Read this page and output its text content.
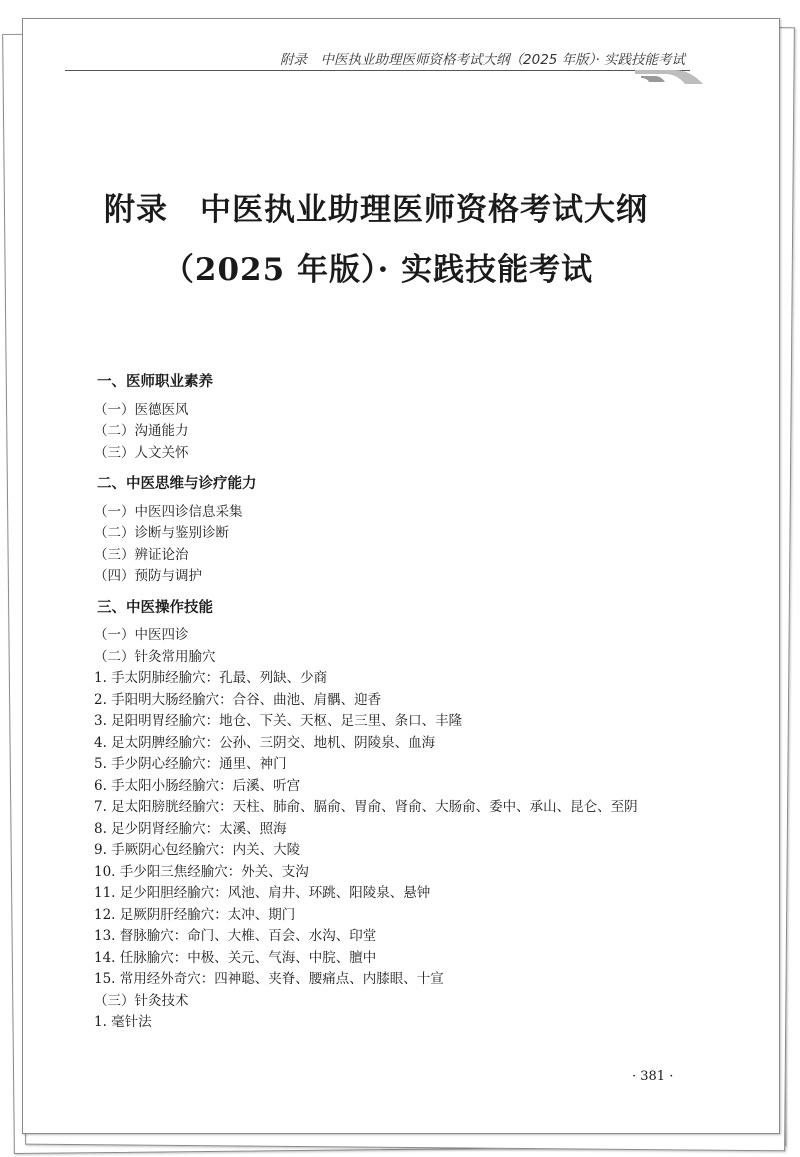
附录　中医执业助理医师资格考试大纲（2025 年版）· 实践技能考试
附录　中医执业助理医师资格考试大纲
（2025 年版）· 实践技能考试
一、医师职业素养
（一）医德医风
（二）沟通能力
（三）人文关怀
二、中医思维与诊疗能力
（一）中医四诊信息采集
（二）诊断与鉴别诊断
（三）辨证论治
（四）预防与调护
三、中医操作技能
（一）中医四诊
（二）针灸常用腧穴
1. 手太阴肺经腧穴：孔最、列缺、少商
2. 手阳明大肠经腧穴：合谷、曲池、肩髃、迎香
3. 足阳明胃经腧穴：地仓、下关、天枢、足三里、条口、丰隆
4. 足太阴脾经腧穴：公孙、三阴交、地机、阴陵泉、血海
5. 手少阴心经腧穴：通里、神门
6. 手太阳小肠经腧穴：后溪、听宫
7. 足太阳膀胱经腧穴：天柱、肺俞、膈俞、胃俞、肾俞、大肠俞、委中、承山、昆仑、至阴
8. 足少阴肾经腧穴：太溪、照海
9. 手厥阴心包经腧穴：内关、大陵
10. 手少阳三焦经腧穴：外关、支沟
11. 足少阳胆经腧穴：风池、肩井、环跳、阳陵泉、悬钟
12. 足厥阴肝经腧穴：太冲、期门
13. 督脉腧穴：命门、大椎、百会、水沟、印堂
14. 任脉腧穴：中极、关元、气海、中脘、膻中
15. 常用经外奇穴：四神聪、夹脊、腰痛点、内膝眼、十宣
（三）针灸技术
1. 毫针法
· 381 ·
